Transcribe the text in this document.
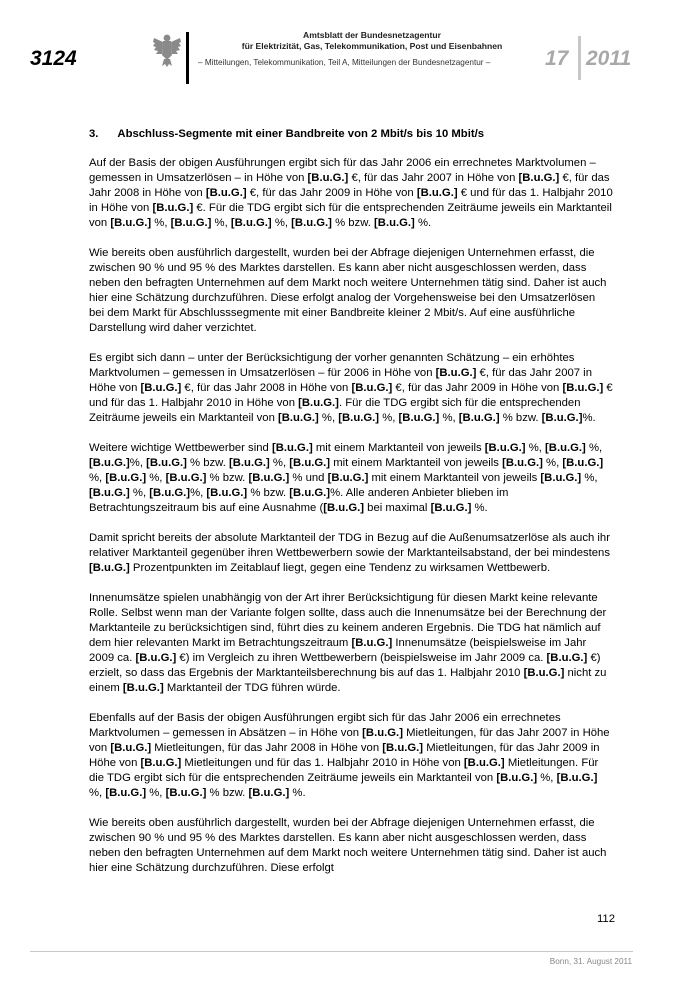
3124
Amtsblatt der Bundesnetzagentur
für Elektrizität, Gas, Telekommunikation, Post und Eisenbahnen
– Mitteilungen, Telekommunikation, Teil A, Mitteilungen der Bundesnetzagentur –	17 2011
3. Abschluss-Segmente mit einer Bandbreite von 2 Mbit/s bis 10 Mbit/s

Auf der Basis der obigen Ausführungen ergibt sich für das Jahr 2006 ein errechnetes Marktvolumen – gemessen in Umsatzerlösen – in Höhe von [B.u.G.] €, für das Jahr 2007 in Höhe von [B.u.G.] €, für das Jahr 2008 in Höhe von [B.u.G.] €, für das Jahr 2009 in Höhe von [B.u.G.] € und für das 1. Halbjahr 2010 in Höhe von [B.u.G.] €. Für die TDG ergibt sich für die entsprechenden Zeiträume jeweils ein Marktanteil von [B.u.G.] %, [B.u.G.] %, [B.u.G.] %, [B.u.G.] % bzw. [B.u.G.] %.

Wie bereits oben ausführlich dargestellt, wurden bei der Abfrage diejenigen Unternehmen erfasst, die zwischen 90 % und 95 % des Marktes darstellen. Es kann aber nicht ausgeschlossen werden, dass neben den befragten Unternehmen auf dem Markt noch weitere Unternehmen tätig sind. Daher ist auch hier eine Schätzung durchzuführen. Diese erfolgt analog der Vorgehensweise bei den Umsatzerlösen bei dem Markt für Abschlusssegmente mit einer Bandbreite kleiner 2 Mbit/s. Auf eine ausführliche Darstellung wird daher verzichtet.

Es ergibt sich dann – unter der Berücksichtigung der vorher genannten Schätzung – ein erhöhtes Marktvolumen – gemessen in Umsatzerlösen – für 2006 in Höhe von [B.u.G.] €, für das Jahr 2007 in Höhe von [B.u.G.] €, für das Jahr 2008 in Höhe von [B.u.G.] €, für das Jahr 2009 in Höhe von [B.u.G.] € und für das 1. Halbjahr 2010 in Höhe von [B.u.G.]. Für die TDG ergibt sich für die entsprechenden Zeiträume jeweils ein Marktanteil von [B.u.G.] %, [B.u.G.] %, [B.u.G.] %, [B.u.G.] % bzw. [B.u.G.]%.

Weitere wichtige Wettbewerber sind [B.u.G.] mit einem Marktanteil von jeweils [B.u.G.] %, [B.u.G.] %, [B.u.G.]%, [B.u.G.] % bzw. [B.u.G.] %, [B.u.G.] mit einem Marktanteil von jeweils [B.u.G.] %, [B.u.G.] %, [B.u.G.] %, [B.u.G.] % bzw. [B.u.G.] % und [B.u.G.] mit einem Marktanteil von jeweils [B.u.G.] %, [B.u.G.] %, [B.u.G.]%, [B.u.G.] % bzw. [B.u.G.]%. Alle anderen Anbieter blieben im Betrachtungszeitraum bis auf eine Ausnahme ([B.u.G.] bei maximal [B.u.G.] %.

Damit spricht bereits der absolute Marktanteil der TDG in Bezug auf die Außenumsatzerlöse als auch ihr relativer Marktanteil gegenüber ihren Wettbewerbern sowie der Marktanteilsabstand, der bei mindestens [B.u.G.] Prozentpunkten im Zeitablauf liegt, gegen eine Tendenz zu wirksamen Wettbewerb.

Innenumsätze spielen unabhängig von der Art ihrer Berücksichtigung für diesen Markt keine relevante Rolle. Selbst wenn man der Variante folgen sollte, dass auch die Innenumsätze bei der Berechnung der Marktanteile zu berücksichtigen sind, führt dies zu keinem anderen Ergebnis. Die TDG hat nämlich auf dem hier relevanten Markt im Betrachtungszeitraum [B.u.G.] Innenumsätze (beispielsweise im Jahr 2009 ca. [B.u.G.] €) im Vergleich zu ihren Wettbewerbern (beispielsweise im Jahr 2009 ca. [B.u.G.] €) erzielt, so dass das Ergebnis der Marktanteilsberechnung bis auf das 1. Halbjahr 2010 [B.u.G.] nicht zu einem [B.u.G.] Marktanteil der TDG führen würde.

Ebenfalls auf der Basis der obigen Ausführungen ergibt sich für das Jahr 2006 ein errechnetes Marktvolumen – gemessen in Absätzen – in Höhe von [B.u.G.] Mietleitungen, für das Jahr 2007 in Höhe von [B.u.G.] Mietleitungen, für das Jahr 2008 in Höhe von [B.u.G.] Mietleitungen, für das Jahr 2009 in Höhe von [B.u.G.] Mietleitungen und für das 1. Halbjahr 2010 in Höhe von [B.u.G.] Mietleitungen. Für die TDG ergibt sich für die entsprechenden Zeiträume jeweils ein Marktanteil von [B.u.G.] %, [B.u.G.] %, [B.u.G.] %, [B.u.G.] % bzw. [B.u.G.] %.

Wie bereits oben ausführlich dargestellt, wurden bei der Abfrage diejenigen Unternehmen erfasst, die zwischen 90 % und 95 % des Marktes darstellen. Es kann aber nicht ausgeschlossen werden, dass neben den befragten Unternehmen auf dem Markt noch weitere Unternehmen tätig sind. Daher ist auch hier eine Schätzung durchzuführen. Diese erfolgt

112
Bonn, 31. August 2011
